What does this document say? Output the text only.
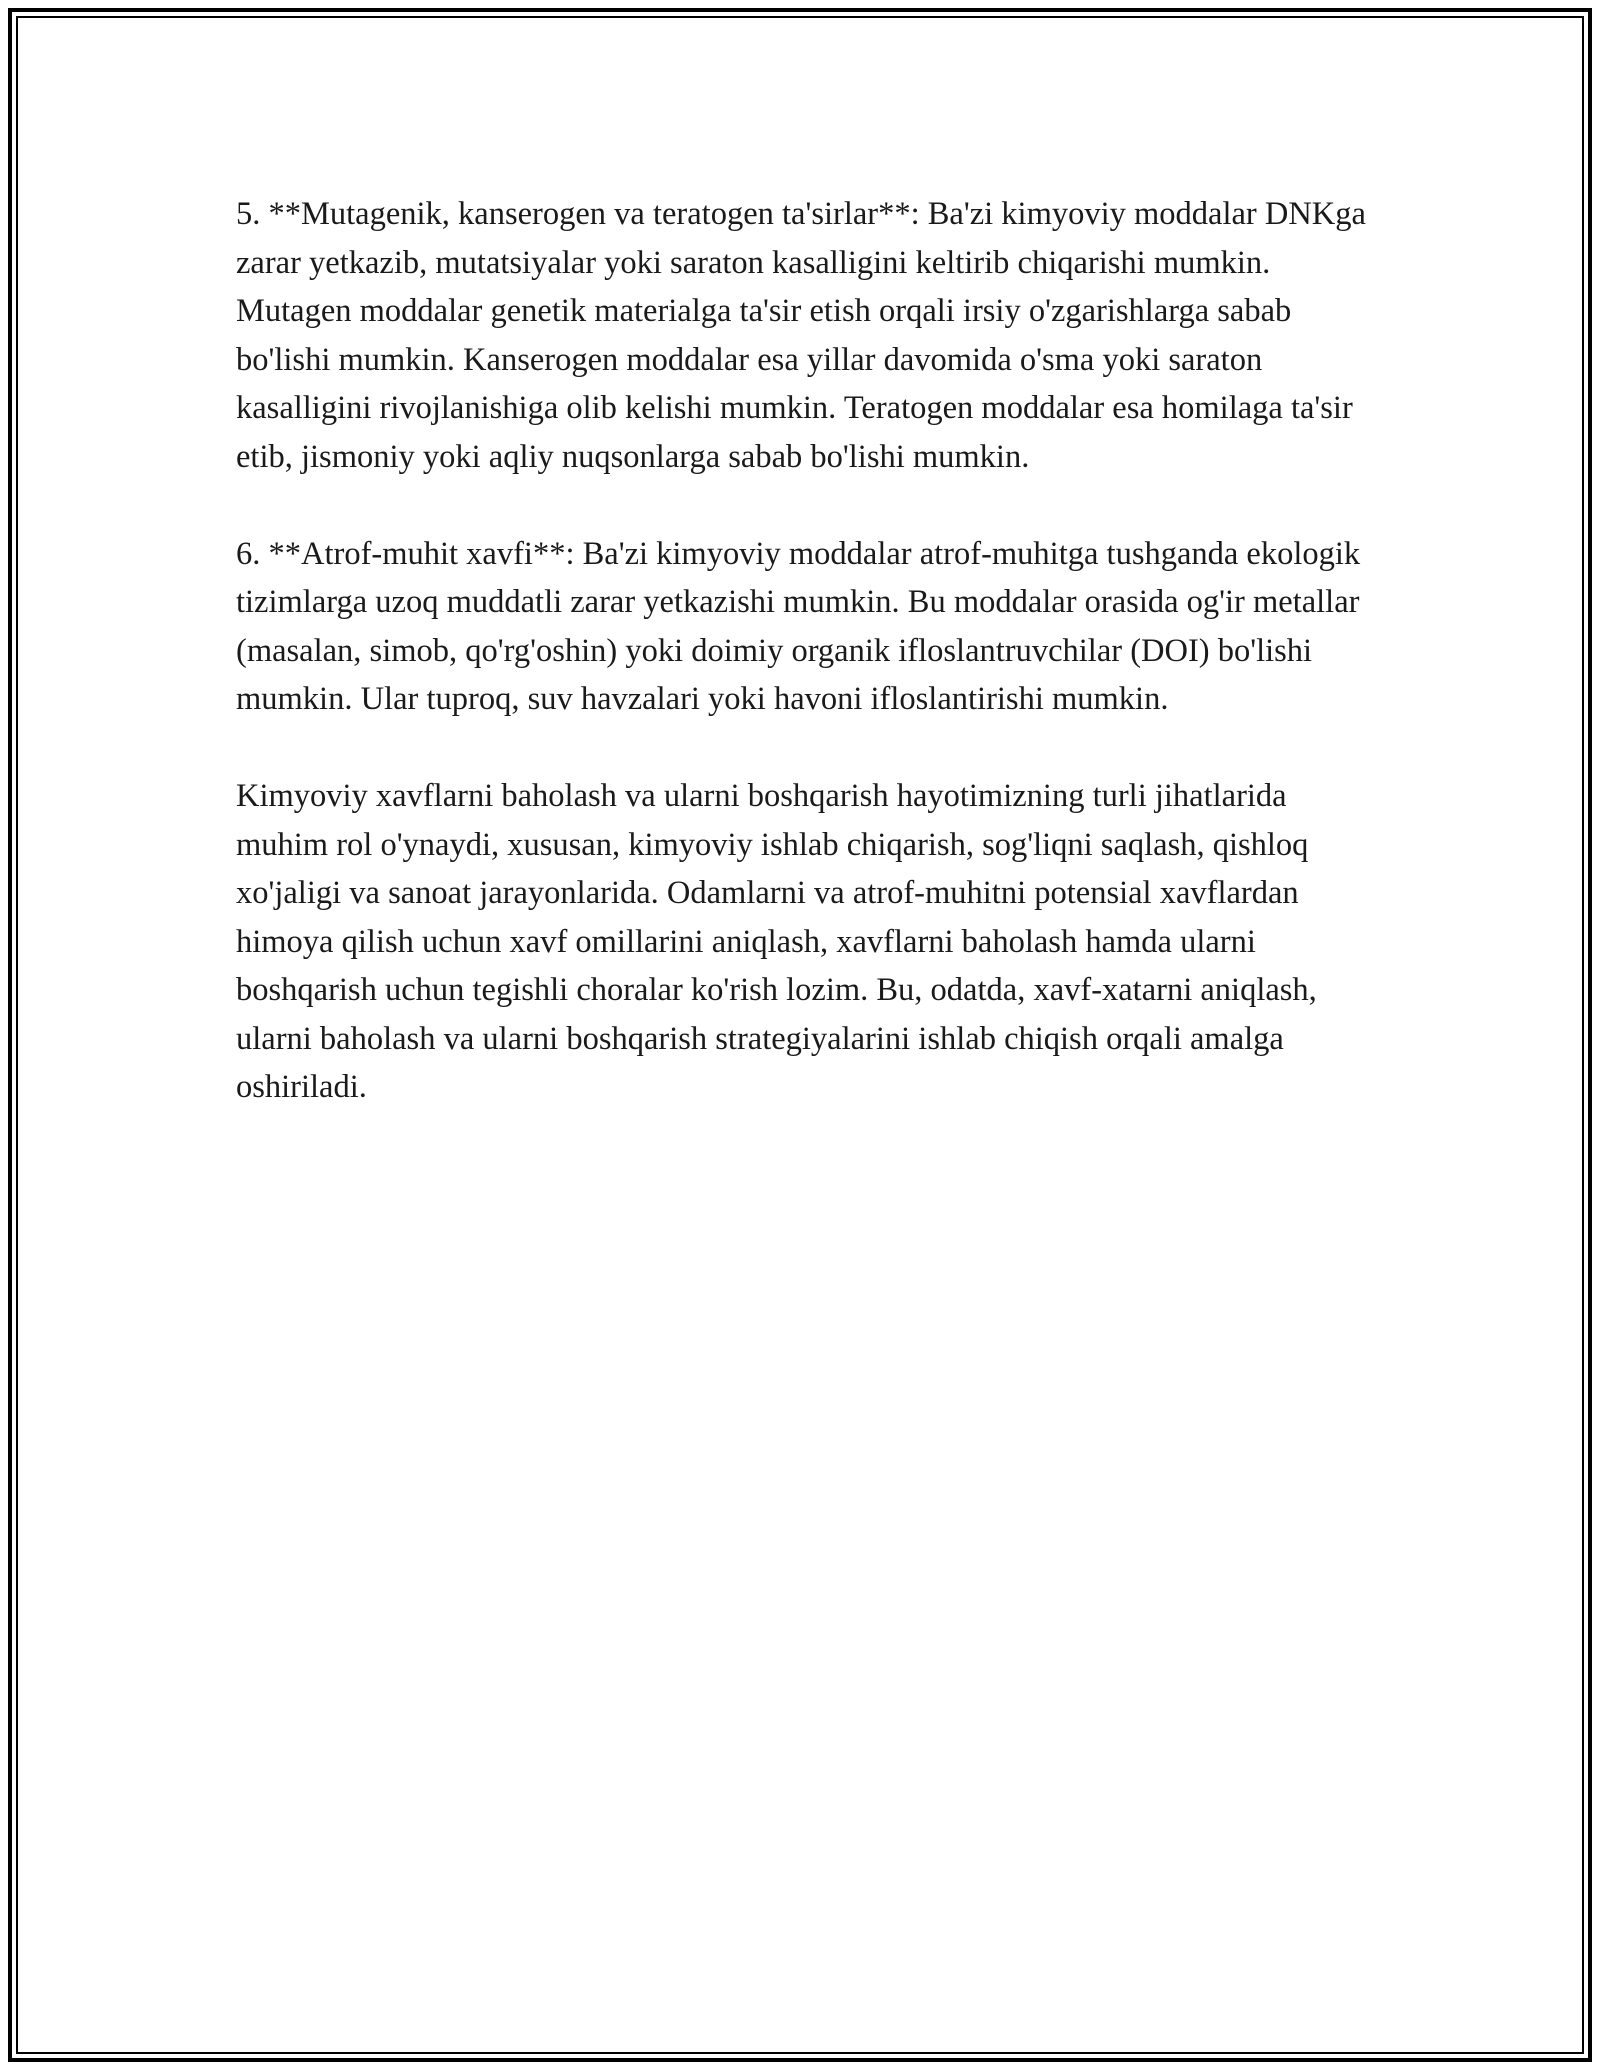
5. **Mutagenik, kanserogen va teratogen ta'sirlar**: Ba'zi kimyoviy moddalar DNKga zarar yetkazib, mutatsiyalar yoki saraton kasalligini keltirib chiqarishi mumkin. Mutagen moddalar genetik materialga ta'sir etish orqali irsiy o'zgarishlarga sabab bo'lishi mumkin. Kanserogen moddalar esa yillar davomida o'sma yoki saraton kasalligini rivojlanishiga olib kelishi mumkin. Teratogen moddalar esa homilaga ta'sir etib, jismoniy yoki aqliy nuqsonlarga sabab bo'lishi mumkin.

6. **Atrof-muhit xavfi**: Ba'zi kimyoviy moddalar atrof-muhitga tushganda ekologik tizimlarga uzoq muddatli zarar yetkazishi mumkin. Bu moddalar orasida og'ir metallar (masalan, simob, qo'rg'oshin) yoki doimiy organik ifloslantruvchilar (DOI) bo'lishi mumkin. Ular tuproq, suv havzalari yoki havoni ifloslantirishi mumkin.

Kimyoviy xavflarni baholash va ularni boshqarish hayotimizning turli jihatlarida muhim rol o'ynaydi, xususan, kimyoviy ishlab chiqarish, sog'liqni saqlash, qishloq xo'jaligi va sanoat jarayonlarida. Odamlarni va atrof-muhitni potensial xavflardan himoya qilish uchun xavf omillarini aniqlash, xavflarni baholash hamda ularni boshqarish uchun tegishli choralar ko'rish lozim. Bu, odatda, xavf-xatarni aniqlash, ularni baholash va ularni boshqarish strategiyalarini ishlab chiqish orqali amalga oshiriladi.
